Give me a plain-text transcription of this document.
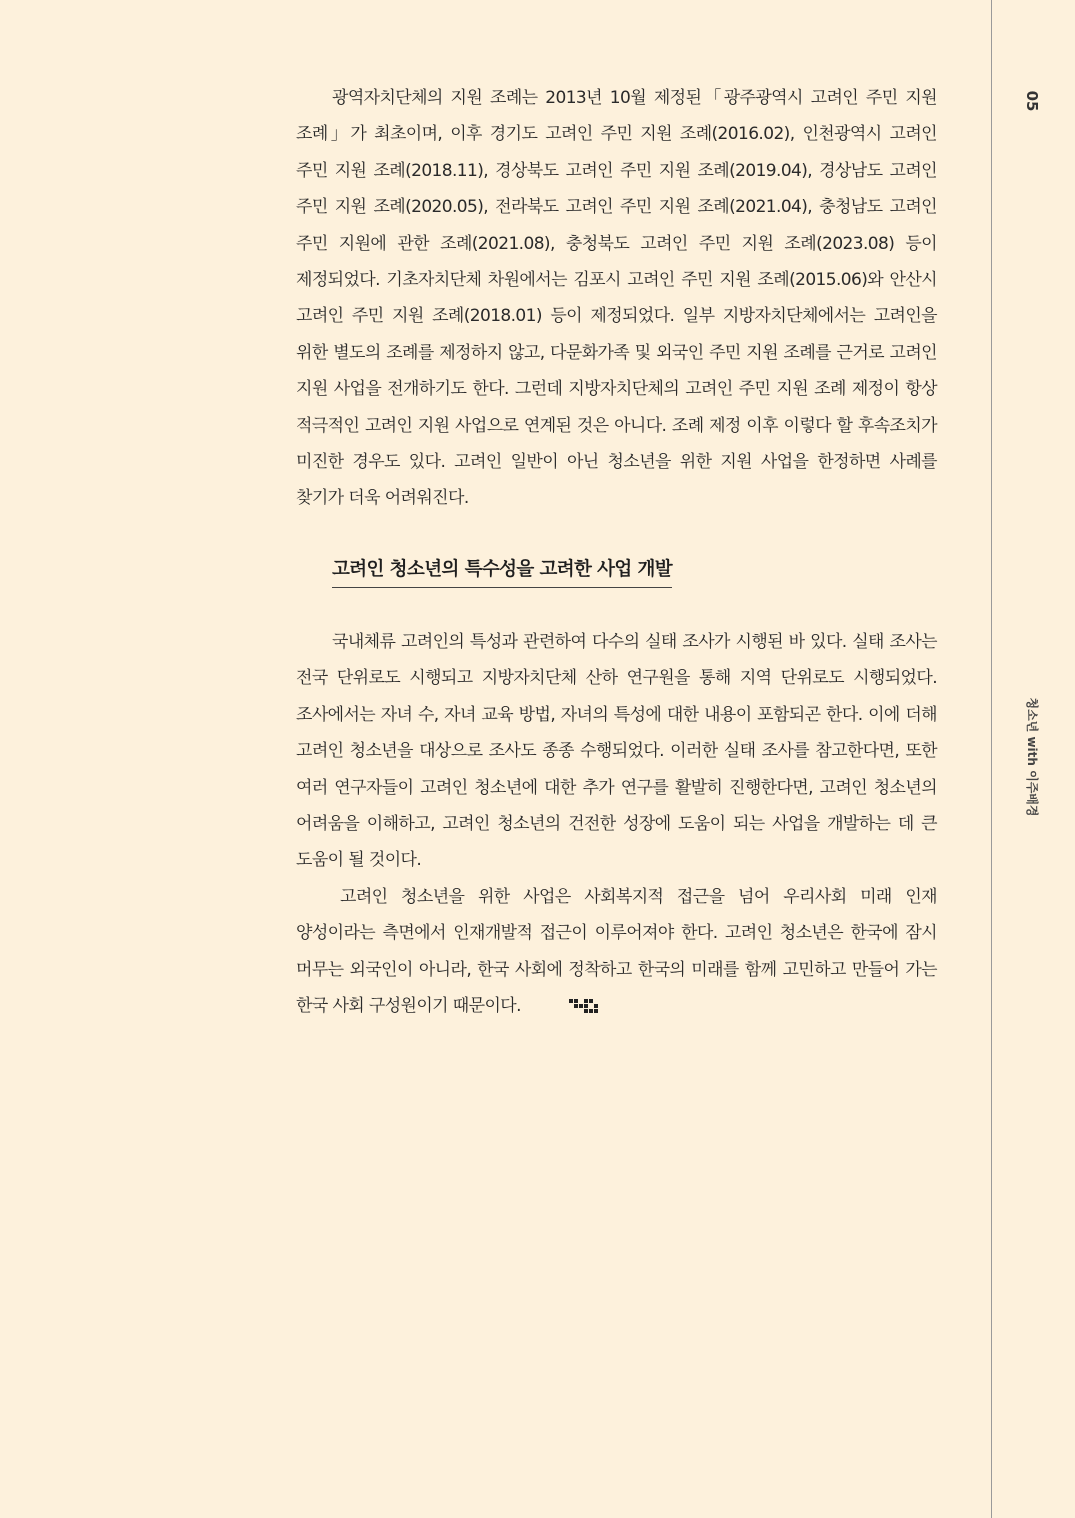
05
청소년 with 이주배경

광역자치단체의 지원 조례는 2013년 10월 제정된「광주광역시 고려인 주민 지원 조례」가 최초이며, 이후 경기도 고려인 주민 지원 조례(2016.02), 인천광역시 고려인 주민 지원 조례(2018.11), 경상북도 고려인 주민 지원 조례(2019.04), 경상남도 고려인 주민 지원 조례(2020.05), 전라북도 고려인 주민 지원 조례(2021.04), 충청남도 고려인 주민 지원에 관한 조례(2021.08), 충청북도 고려인 주민 지원 조례(2023.08) 등이 제정되었다. 기초자치단체 차원에서는 김포시 고려인 주민 지원 조례(2015.06)와 안산시 고려인 주민 지원 조례(2018.01) 등이 제정되었다. 일부 지방자치단체에서는 고려인을 위한 별도의 조례를 제정하지 않고, 다문화가족 및 외국인 주민 지원 조례를 근거로 고려인 지원 사업을 전개하기도 한다. 그런데 지방자치단체의 고려인 주민 지원 조례 제정이 항상 적극적인 고려인 지원 사업으로 연계된 것은 아니다. 조례 제정 이후 이렇다 할 후속조치가 미진한 경우도 있다. 고려인 일반이 아닌 청소년을 위한 지원 사업을 한정하면 사례를 찾기가 더욱 어려워진다.

고려인 청소년의 특수성을 고려한 사업 개발

국내체류 고려인의 특성과 관련하여 다수의 실태 조사가 시행된 바 있다. 실태 조사는 전국 단위로도 시행되고 지방자치단체 산하 연구원을 통해 지역 단위로도 시행되었다. 조사에서는 자녀 수, 자녀 교육 방법, 자녀의 특성에 대한 내용이 포함되곤 한다. 이에 더해 고려인 청소년을 대상으로 조사도 종종 수행되었다. 이러한 실태 조사를 참고한다면, 또한 여러 연구자들이 고려인 청소년에 대한 추가 연구를 활발히 진행한다면, 고려인 청소년의 어려움을 이해하고, 고려인 청소년의 건전한 성장에 도움이 되는 사업을 개발하는 데 큰 도움이 될 것이다.

고려인 청소년을 위한 사업은 사회복지적 접근을 넘어 우리사회 미래 인재 양성이라는 측면에서 인재개발적 접근이 이루어져야 한다. 고려인 청소년은 한국에 잠시 머무는 외국인이 아니라, 한국 사회에 정착하고 한국의 미래를 함께 고민하고 만들어 가는 한국 사회 구성원이기 때문이다.
